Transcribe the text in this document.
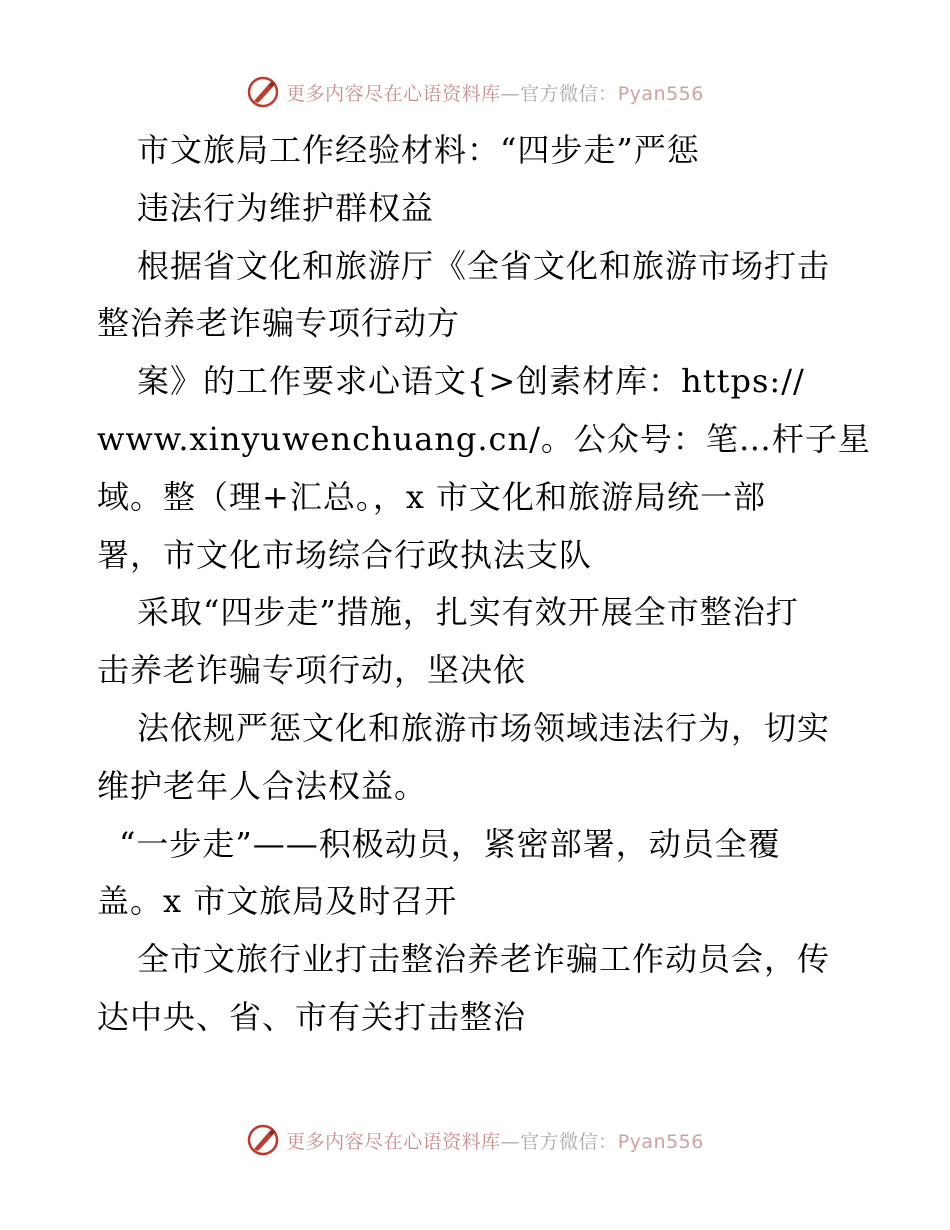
更多内容尽在心语资料库—官方微信：Pyan556
市文旅局工作经验材料：“四步走”严惩
违法行为维护群权益
根据省文化和旅游厅《全省文化和旅游市场打击
整治养老诈骗专项行动方
案》的工作要求心语文{>创素材库：https://
www.xinyuwenchuang.cn/。公众号：笔…杆子星
域。整（理+汇总。，x 市文化和旅游局统一部
署，市文化市场综合行政执法支队
采取“四步走”措施，扎实有效开展全市整治打
击养老诈骗专项行动，坚决依
法依规严惩文化和旅游市场领域违法行为，切实
维护老年人合法权益。
“一步走”——积极动员，紧密部署，动员全覆
盖。x 市文旅局及时召开
全市文旅行业打击整治养老诈骗工作动员会，传
达中央、省、市有关打击整治
更多内容尽在心语资料库—官方微信：Pyan556
